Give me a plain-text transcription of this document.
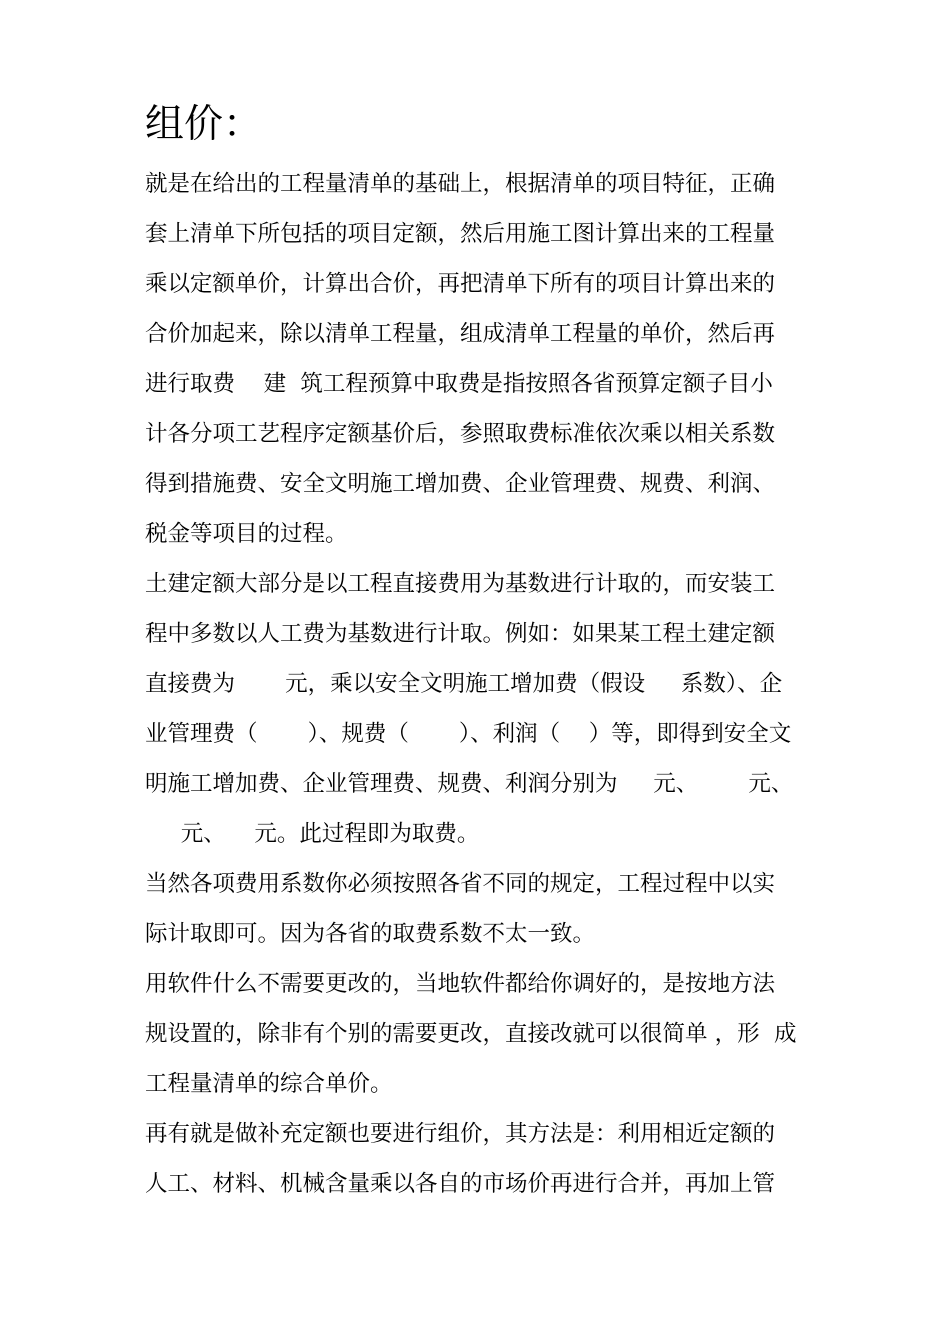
组价：

就是在给出的工程量清单的基础上，根据清单的项目特征，正确

套上清单下所包括的项目定额，然后用施工图计算出来的工程量

乘以定额单价，计算出合价，再把清单下所有的项目计算出来的

合价加起来，除以清单工程量，组成清单工程量的单价，然后再

进行取费    建  筑工程预算中取费是指按照各省预算定额子目小

计各分项工艺程序定额基价后，参照取费标准依次乘以相关系数

得到措施费、安全文明施工增加费、企业管理费、规费、利润、

税金等项目的过程。

土建定额大部分是以工程直接费用为基数进行计取的，而安装工

程中多数以人工费为基数进行计取。例如：如果某工程土建定额

直接费为       元，乘以安全文明施工增加费（假设     系数）、企

业管理费（       ）、规费（       ）、利润（    ）等，即得到安全文

明施工增加费、企业管理费、规费、利润分别为     元、       元、

元、    元。此过程即为取费。

当然各项费用系数你必须按照各省不同的规定，工程过程中以实

际计取即可。因为各省的取费系数不太一致。

用软件什么不需要更改的，当地软件都给你调好的，是按地方法

规设置的，除非有个别的需要更改，直接改就可以很简单 ，形  成

工程量清单的综合单价。

再有就是做补充定额也要进行组价，其方法是：利用相近定额的

人工、材料、机械含量乘以各自的市场价再进行合并，再加上管
